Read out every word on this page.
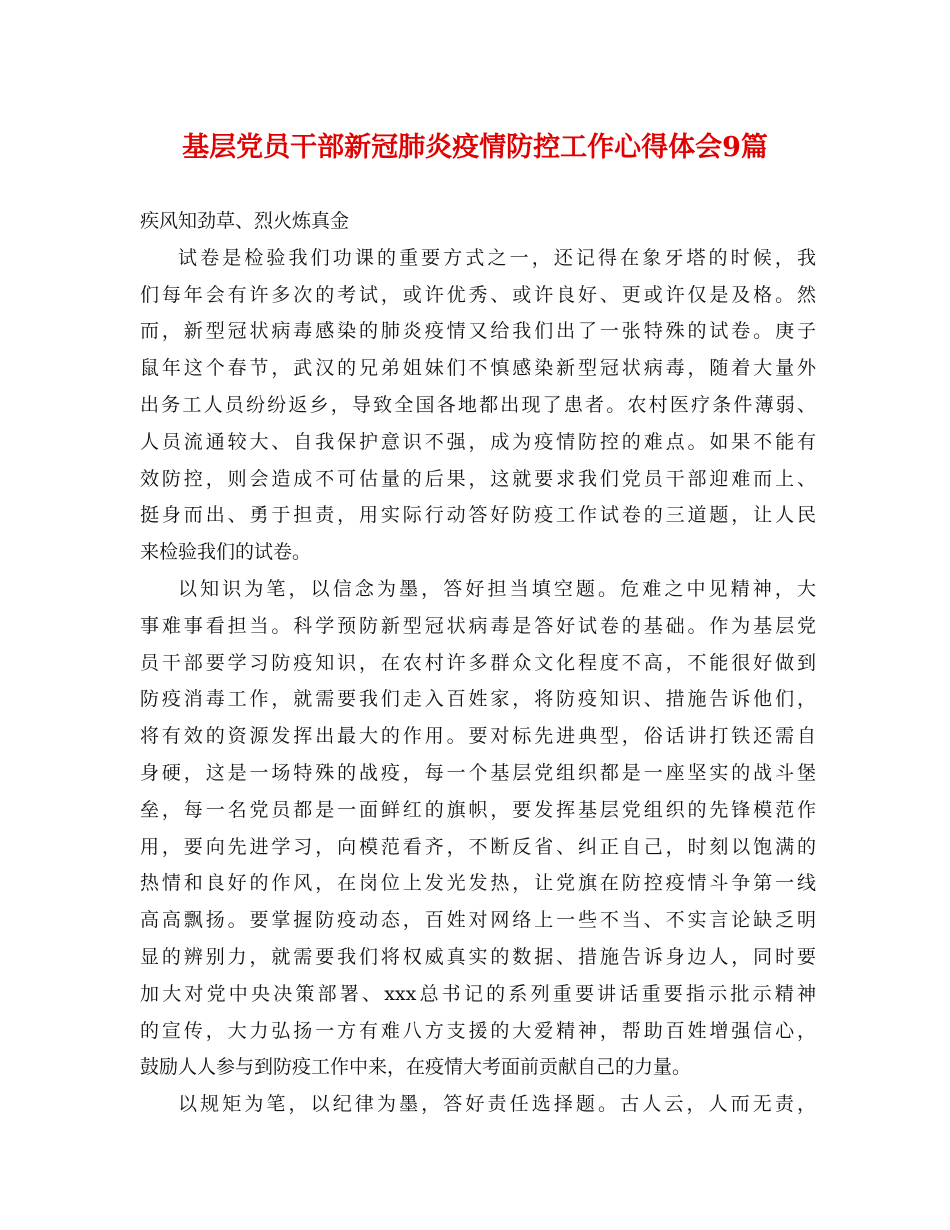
基层党员干部新冠肺炎疫情防控工作心得体会9篇

疾风知劲草、烈火炼真金

试卷是检验我们功课的重要方式之一，还记得在象牙塔的时候，我
们每年会有许多次的考试，或许优秀、或许良好、更或许仅是及格。然
而，新型冠状病毒感染的肺炎疫情又给我们出了一张特殊的试卷。庚子
鼠年这个春节，武汉的兄弟姐妹们不慎感染新型冠状病毒，随着大量外
出务工人员纷纷返乡，导致全国各地都出现了患者。农村医疗条件薄弱、
人员流通较大、自我保护意识不强，成为疫情防控的难点。如果不能有
效防控，则会造成不可估量的后果，这就要求我们党员干部迎难而上、
挺身而出、勇于担责，用实际行动答好防疫工作试卷的三道题，让人民
来检验我们的试卷。

以知识为笔，以信念为墨，答好担当填空题。危难之中见精神，大
事难事看担当。科学预防新型冠状病毒是答好试卷的基础。作为基层党
员干部要学习防疫知识，在农村许多群众文化程度不高，不能很好做到
防疫消毒工作，就需要我们走入百姓家，将防疫知识、措施告诉他们，
将有效的资源发挥出最大的作用。要对标先进典型，俗话讲打铁还需自
身硬，这是一场特殊的战疫，每一个基层党组织都是一座坚实的战斗堡
垒，每一名党员都是一面鲜红的旗帜，要发挥基层党组织的先锋模范作
用，要向先进学习，向模范看齐，不断反省、纠正自己，时刻以饱满的
热情和良好的作风，在岗位上发光发热，让党旗在防控疫情斗争第一线
高高飘扬。要掌握防疫动态，百姓对网络上一些不当、不实言论缺乏明
显的辨别力，就需要我们将权威真实的数据、措施告诉身边人，同时要
加大对党中央决策部署、xxx总书记的系列重要讲话重要指示批示精神
的宣传，大力弘扬一方有难八方支援的大爱精神，帮助百姓增强信心，
鼓励人人参与到防疫工作中来，在疫情大考面前贡献自己的力量。

以规矩为笔，以纪律为墨，答好责任选择题。古人云，人而无责，
